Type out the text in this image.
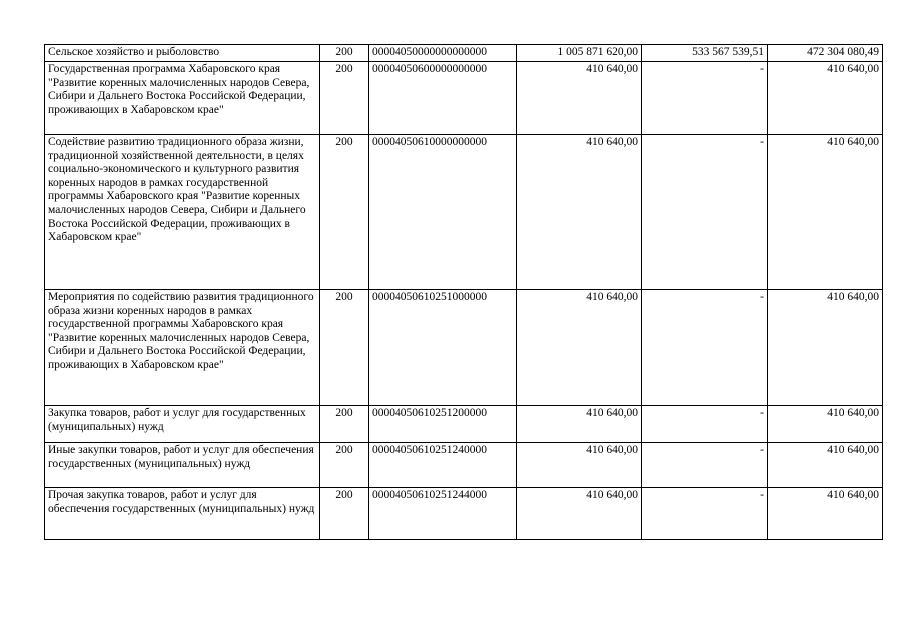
Сельское хозяйство и рыболовство	200	00004050000000000000	1 005 871 620,00	533 567 539,51	472 304 080,49
Государственная программа Хабаровского края "Развитие коренных малочисленных народов Севера, Сибири и Дальнего Востока Российской Федерации, проживающих в Хабаровском крае"	200	00004050600000000000	410 640,00	-	410 640,00
Содействие развитию традиционного образа жизни, традиционной хозяйственной деятельности, в целях социально-экономического и культурного развития коренных народов в рамках государственной программы Хабаровского края "Развитие коренных малочисленных народов Севера, Сибири и Дальнего Востока Российской Федерации, проживающих в Хабаровском крае"	200	00004050610000000000	410 640,00	-	410 640,00
Мероприятия по содействию развития традиционного образа жизни коренных народов в рамках государственной программы Хабаровского края "Развитие коренных малочисленных народов Севера, Сибири и Дальнего Востока Российской Федерации, проживающих в Хабаровском крае"	200	00004050610251000000	410 640,00	-	410 640,00
Закупка товаров, работ и услуг для государственных (муниципальных) нужд	200	00004050610251200000	410 640,00	-	410 640,00
Иные закупки товаров, работ и услуг для обеспечения государственных (муниципальных) нужд	200	00004050610251240000	410 640,00	-	410 640,00
Прочая закупка товаров, работ и услуг для обеспечения государственных (муниципальных) нужд	200	00004050610251244000	410 640,00	-	410 640,00
